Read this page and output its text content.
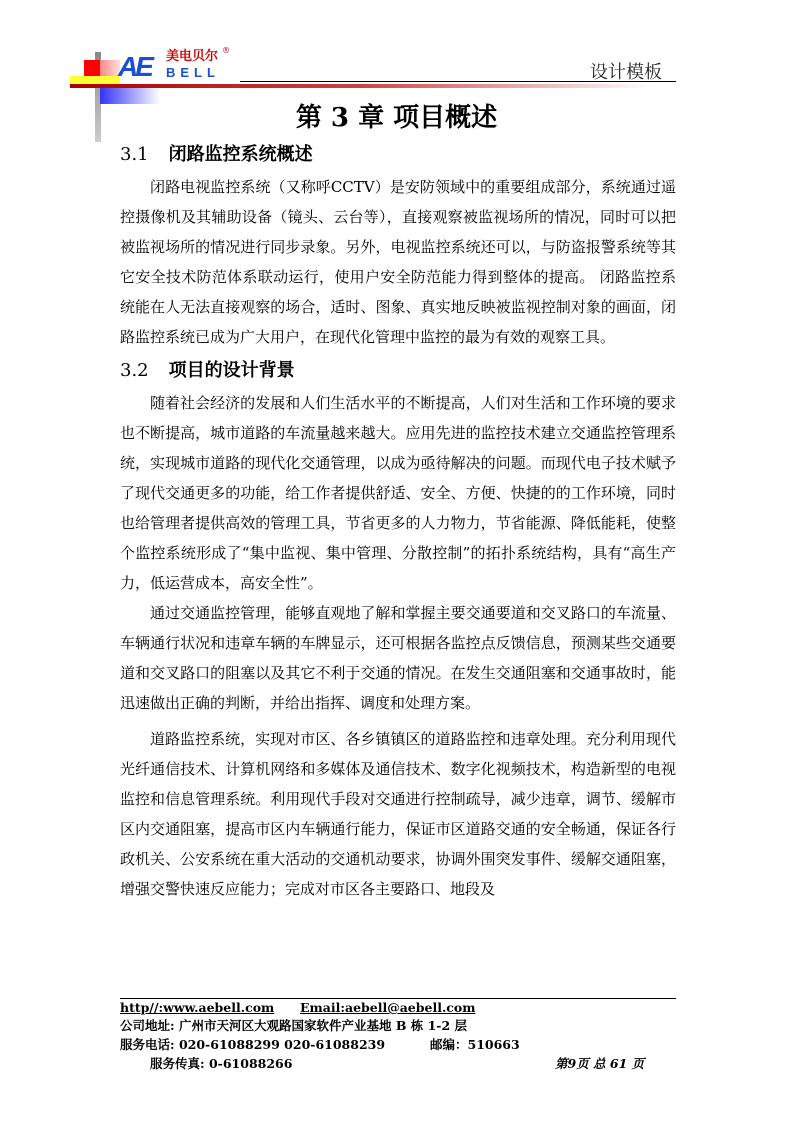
AE 美电贝尔
BELL
®
设计模板
第 3 章 项目概述
3.1 闭路监控系统概述

闭路电视监控系统（又称呼CCTV）是安防领域中的重要组成部分，系统通过遥控摄像机及其辅助设备（镜头、云台等），直接观察被监视场所的情况，同时可以把被监视场所的情况进行同步录象。另外，电视监控系统还可以，与防盗报警系统等其它安全技术防范体系联动运行，使用户安全防范能力得到整体的提高。 闭路监控系统能在人无法直接观察的场合，适时、图象、真实地反映被监视控制对象的画面，闭路监控系统已成为广大用户，在现代化管理中监控的最为有效的观察工具。

3.2 项目的设计背景

随着社会经济的发展和人们生活水平的不断提高，人们对生活和工作环境的要求也不断提高，城市道路的车流量越来越大。应用先进的监控技术建立交通监控管理系统，实现城市道路的现代化交通管理，以成为亟待解决的问题。而现代电子技术赋予了现代交通更多的功能，给工作者提供舒适、安全、方便、快捷的的工作环境，同时也给管理者提供高效的管理工具，节省更多的人力物力，节省能源、降低能耗，使整个监控系统形成了“集中监视、集中管理、分散控制”的拓扑系统结构，具有“高生产力，低运营成本，高安全性”。

通过交通监控管理，能够直观地了解和掌握主要交通要道和交叉路口的车流量、车辆通行状况和违章车辆的车牌显示，还可根据各监控点反馈信息，预测某些交通要道和交叉路口的阻塞以及其它不利于交通的情况。在发生交通阻塞和交通事故时，能迅速做出正确的判断，并给出指挥、调度和处理方案。

道路监控系统，实现对市区、各乡镇镇区的道路监控和违章处理。充分利用现代光纤通信技术、计算机网络和多媒体及通信技术、数字化视频技术，构造新型的电视监控和信息管理系统。利用现代手段对交通进行控制疏导，减少违章，调节、缓解市区内交通阻塞，提高市区内车辆通行能力，保证市区道路交通的安全畅通，保证各行政机关、公安系统在重大活动的交通机动要求，协调外围突发事件、缓解交通阻塞，增强交警快速反应能力；完成对市区各主要路口、地段及

http//:www.aebell.com Email:aebell@aebell.com
公司地址: 广州市天河区大观路国家软件产业基地 B 栋 1-2 层
服务电话: 020-61088299 020-61088239	邮编：510663
服务传真: 0-61088266	第9页 总 61 页
